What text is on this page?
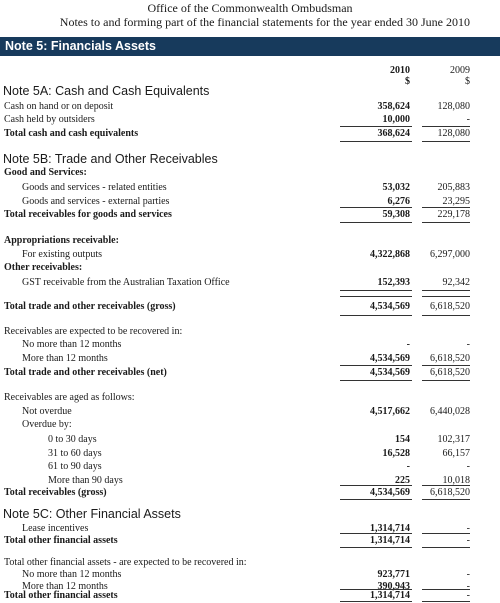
Office of the Commonwealth Ombudsman
Notes to and forming part of the financial statements for the year ended 30 June 2010
Note 5: Financials Assets
2010	2009
$	$
Note 5A: Cash and Cash Equivalents
Note 5B: Trade and Other Receivables
Note 5C: Other Financial Assets
Cash on hand or on deposit	358,624	128,080
Cash held by outsiders	10,000	-
Total cash and cash equivalents	368,624	128,080
Good and Services:
Goods and services - related entities	53,032	205,883
Goods and services - external parties	6,276	23,295
Total receivables for goods and services	59,308	229,178
Appropriations receivable:
For existing outputs	4,322,868 6,297,000
Other receivables:
GST receivable from the Australian Taxation Office	152,393	92,342
Total trade and other receivables (gross)	4,534,569 6,618,520
Receivables are expected to be recovered in:
No more than 12 months	-	-
More than 12 months	4,534,569 6,618,520
Total trade and other receivables (net)	4,534,569 6,618,520
Receivables are aged as follows:
Not overdue	4,517,662 6,440,028
Overdue by:
0 to 30 days	154	102,317
31 to 60 days	16,528	66,157
61 to 90 days	-	-
More than 90 days	225	10,018
Total receivables (gross)	4,534,569 6,618,520
Lease incentives	1,314,714	-
Total other financial assets	1,314,714	-
Total other financial assets - are expected to be recovered in:
No more than 12 months	923,771	-
More than 12 months	390,943	-
Total other financial assets	1,314,714	-
